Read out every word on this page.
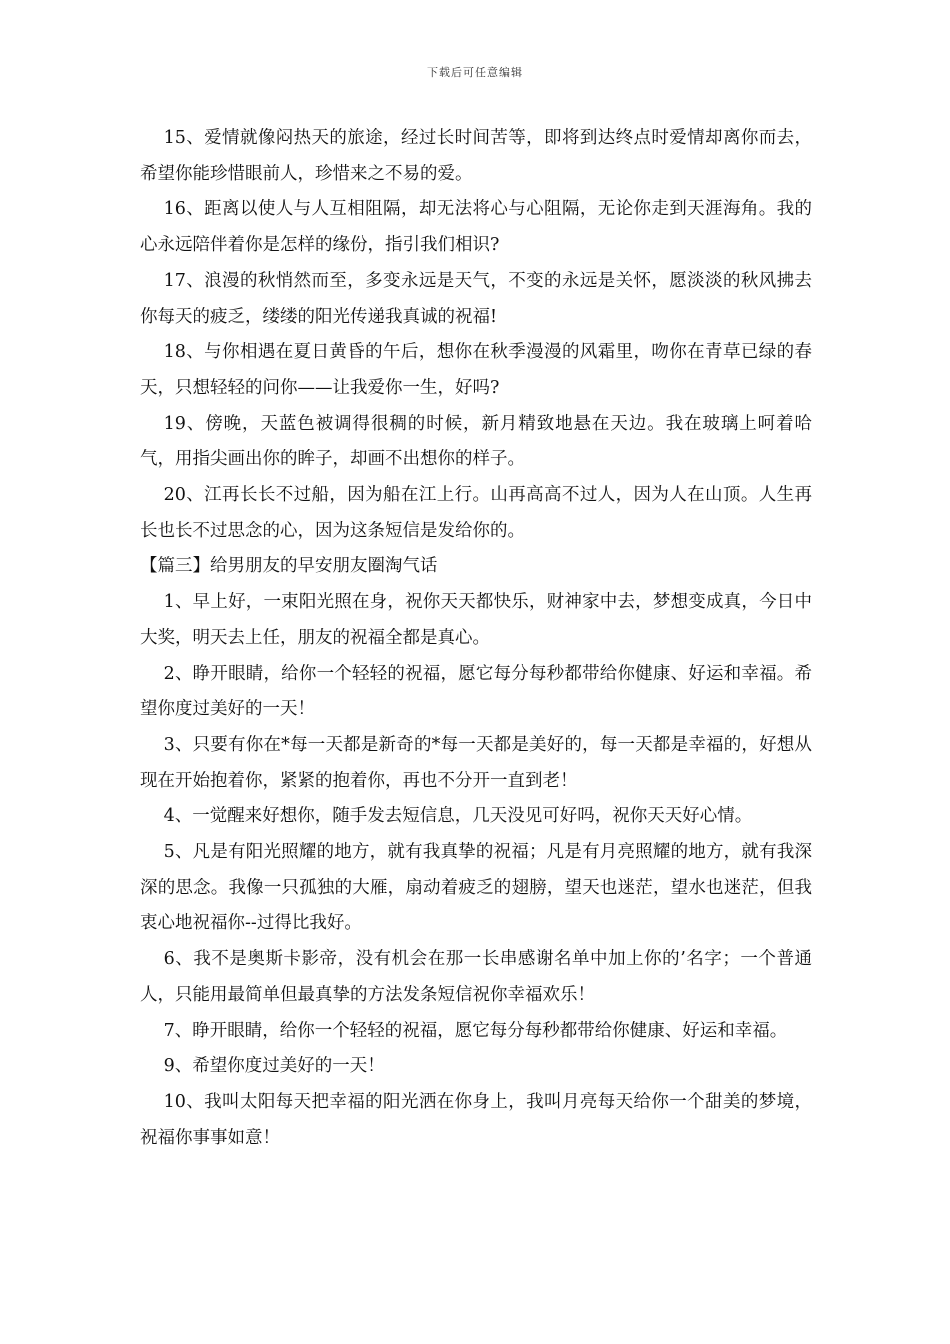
下载后可任意编辑

15、爱情就像闷热天的旅途，经过长时间苦等，即将到达终点时爱情却离你而去，希望你能珍惜眼前人，珍惜来之不易的爱。

16、距离以使人与人互相阻隔，却无法将心与心阻隔，无论你走到天涯海角。我的心永远陪伴着你是怎样的缘份，指引我们相识?

17、浪漫的秋悄然而至，多变永远是天气，不变的永远是关怀，愿淡淡的秋风拂去你每天的疲乏，缕缕的阳光传递我真诚的祝福!

18、与你相遇在夏日黄昏的午后，想你在秋季漫漫的风霜里，吻你在青草已绿的春天，只想轻轻的问你——让我爱你一生，好吗?

19、傍晚，天蓝色被调得很稠的时候，新月精致地悬在天边。我在玻璃上呵着哈气，用指尖画出你的眸子，却画不出想你的样子。

20、江再长长不过船，因为船在江上行。山再高高不过人，因为人在山顶。人生再长也长不过思念的心，因为这条短信是发给你的。

【篇三】给男朋友的早安朋友圈淘气话

1、早上好，一束阳光照在身，祝你天天都快乐，财神家中去，梦想变成真，今日中大奖，明天去上任，朋友的祝福全都是真心。

2、睁开眼睛，给你一个轻轻的祝福，愿它每分每秒都带给你健康、好运和幸福。希望你度过美好的一天！

3、只要有你在*每一天都是新奇的*每一天都是美好的，每一天都是幸福的，好想从现在开始抱着你，紧紧的抱着你，再也不分开一直到老！

4、一觉醒来好想你，随手发去短信息，几天没见可好吗，祝你天天好心情。

5、凡是有阳光照耀的地方，就有我真挚的祝福；凡是有月亮照耀的地方，就有我深深的思念。我像一只孤独的大雁，扇动着疲乏的翅膀，望天也迷茫，望水也迷茫，但我衷心地祝福你--过得比我好。

6、我不是奥斯卡影帝，没有机会在那一长串感谢名单中加上你的’名字；一个普通人，只能用最简单但最真挚的方法发条短信祝你幸福欢乐！

7、睁开眼睛，给你一个轻轻的祝福，愿它每分每秒都带给你健康、好运和幸福。

9、希望你度过美好的一天！

10、我叫太阳每天把幸福的阳光洒在你身上，我叫月亮每天给你一个甜美的梦境，祝福你事事如意！
